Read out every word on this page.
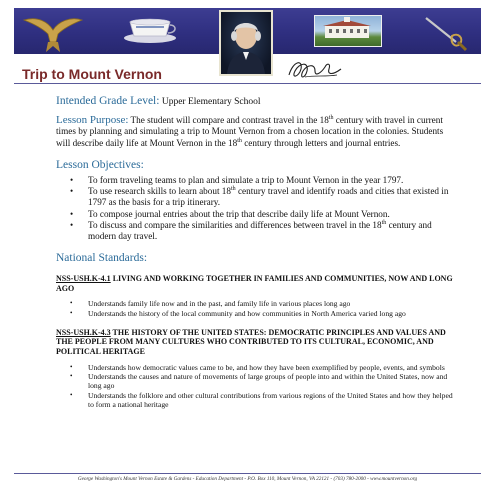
Trip to Mount Vernon

Intended Grade Level: Upper Elementary School

Lesson Purpose: The student will compare and contrast travel in the 18th century with travel in current times by planning and simulating a trip to Mount Vernon from a chosen location in the colonies. Students will describe daily life at Mount Vernon in the 18th century through letters and journal entries.

Lesson Objectives:
• To form traveling teams to plan and simulate a trip to Mount Vernon in the year 1797.
• To use research skills to learn about 18th century travel and identify roads and cities that existed in 1797 as the basis for a trip itinerary.
• To compose journal entries about the trip that describe daily life at Mount Vernon.
• To discuss and compare the similarities and differences between travel in the 18th century and modern day travel.
National Standards:

NSS-USH.K-4.1 LIVING AND WORKING TOGETHER IN FAMILIES AND COMMUNITIES, NOW AND LONG AGO

• Understands family life now and in the past, and family life in various places long ago
• Understands the history of the local community and how communities in North America varied long ago

NSS-USH.K-4.3 THE HISTORY OF THE UNITED STATES: DEMOCRATIC PRINCIPLES AND VALUES AND THE PEOPLE FROM MANY CULTURES WHO CONTRIBUTED TO ITS CULTURAL, ECONOMIC, AND POLITICAL HERITAGE

• Understands how democratic values came to be, and how they have been exemplified by people, events, and symbols
• Understands the causes and nature of movements of large groups of people into and within the United States, now and long ago
• Understands the folklore and other cultural contributions from various regions of the United States and how they helped to form a national heritage

George Washington's Mount Vernon Estate & Gardens - Education Department - P.O. Box 110, Mount Vernon, VA 22121 - (703) 780-2000 - www.mountvernon.org
